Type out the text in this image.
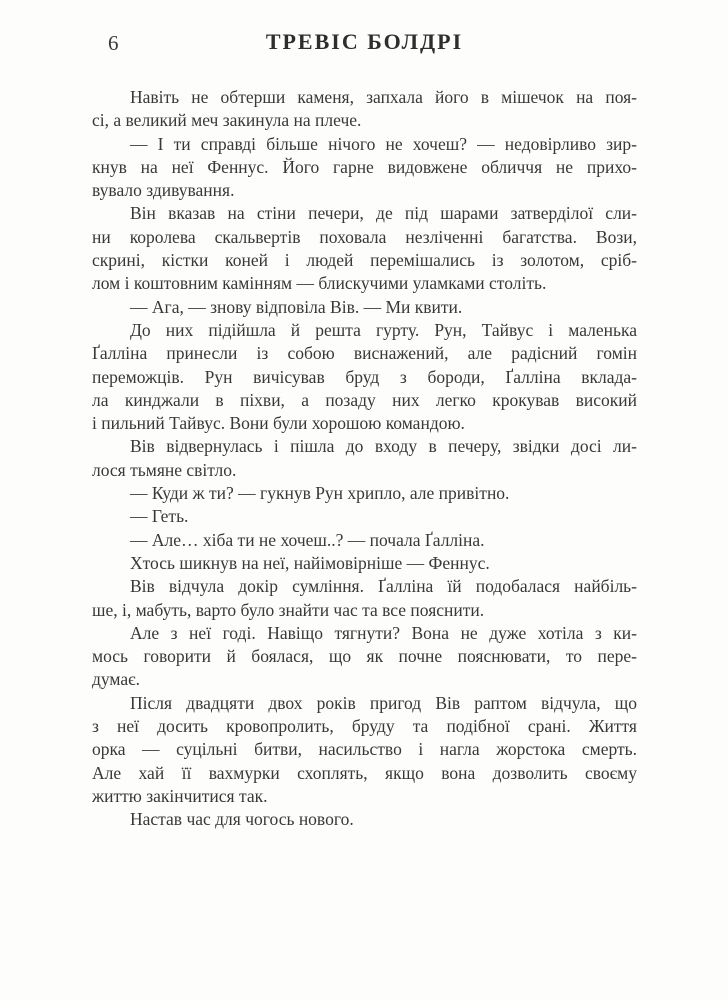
6	ТРЕВІС БОЛДРІ
Навіть не обтерши каменя, запхала його в мішечок на поя-
сі, а великий меч закинула на плече.
— І ти справді більше нічого не хочеш? — недовірливо зир-
кнув на неї Феннус. Його гарне видовжене обличчя не прихо-
вувало здивування.
Він вказав на стіни печери, де під шарами затверділої сли-
ни королева скальвертів поховала незліченні багатства. Вози,
скрині, кістки коней і людей перемішались із золотом, сріб-
лом і коштовним камінням — блискучими уламками століть.
— Ага, — знову відповіла Вів. — Ми квити.
До них підійшла й решта гурту. Рун, Тайвус і маленька
Ґалліна принесли із собою виснажений, але радісний гомін
переможців. Рун вичісував бруд з бороди, Ґалліна вклада-
ла кинджали в піхви, а позаду них легко крокував високий
і пильний Тайвус. Вони були хорошою командою.
Вів відвернулась і пішла до входу в печеру, звідки досі ли-
лося тьмяне світло.
— Куди ж ти? — гукнув Рун хрипло, але привітно.
— Геть.
— Але… хіба ти не хочеш..? — почала Ґалліна.
Хтось шикнув на неї, найімовірніше — Феннус.
Вів відчула докір сумління. Ґалліна їй подобалася найбіль-
ше, і, мабуть, варто було знайти час та все пояснити.
Але з неї годі. Навіщо тягнути? Вона не дуже хотіла з ки-
мось говорити й боялася, що як почне пояснювати, то пере-
думає.
Після двадцяти двох років пригод Вів раптом відчула, що
з неї досить кровопролить, бруду та подібної срані. Життя
орка — суцільні битви, насильство і нагла жорстока смерть.
Але хай її вахмурки схоплять, якщо вона дозволить своєму
життю закінчитися так.
Настав час для чогось нового.
